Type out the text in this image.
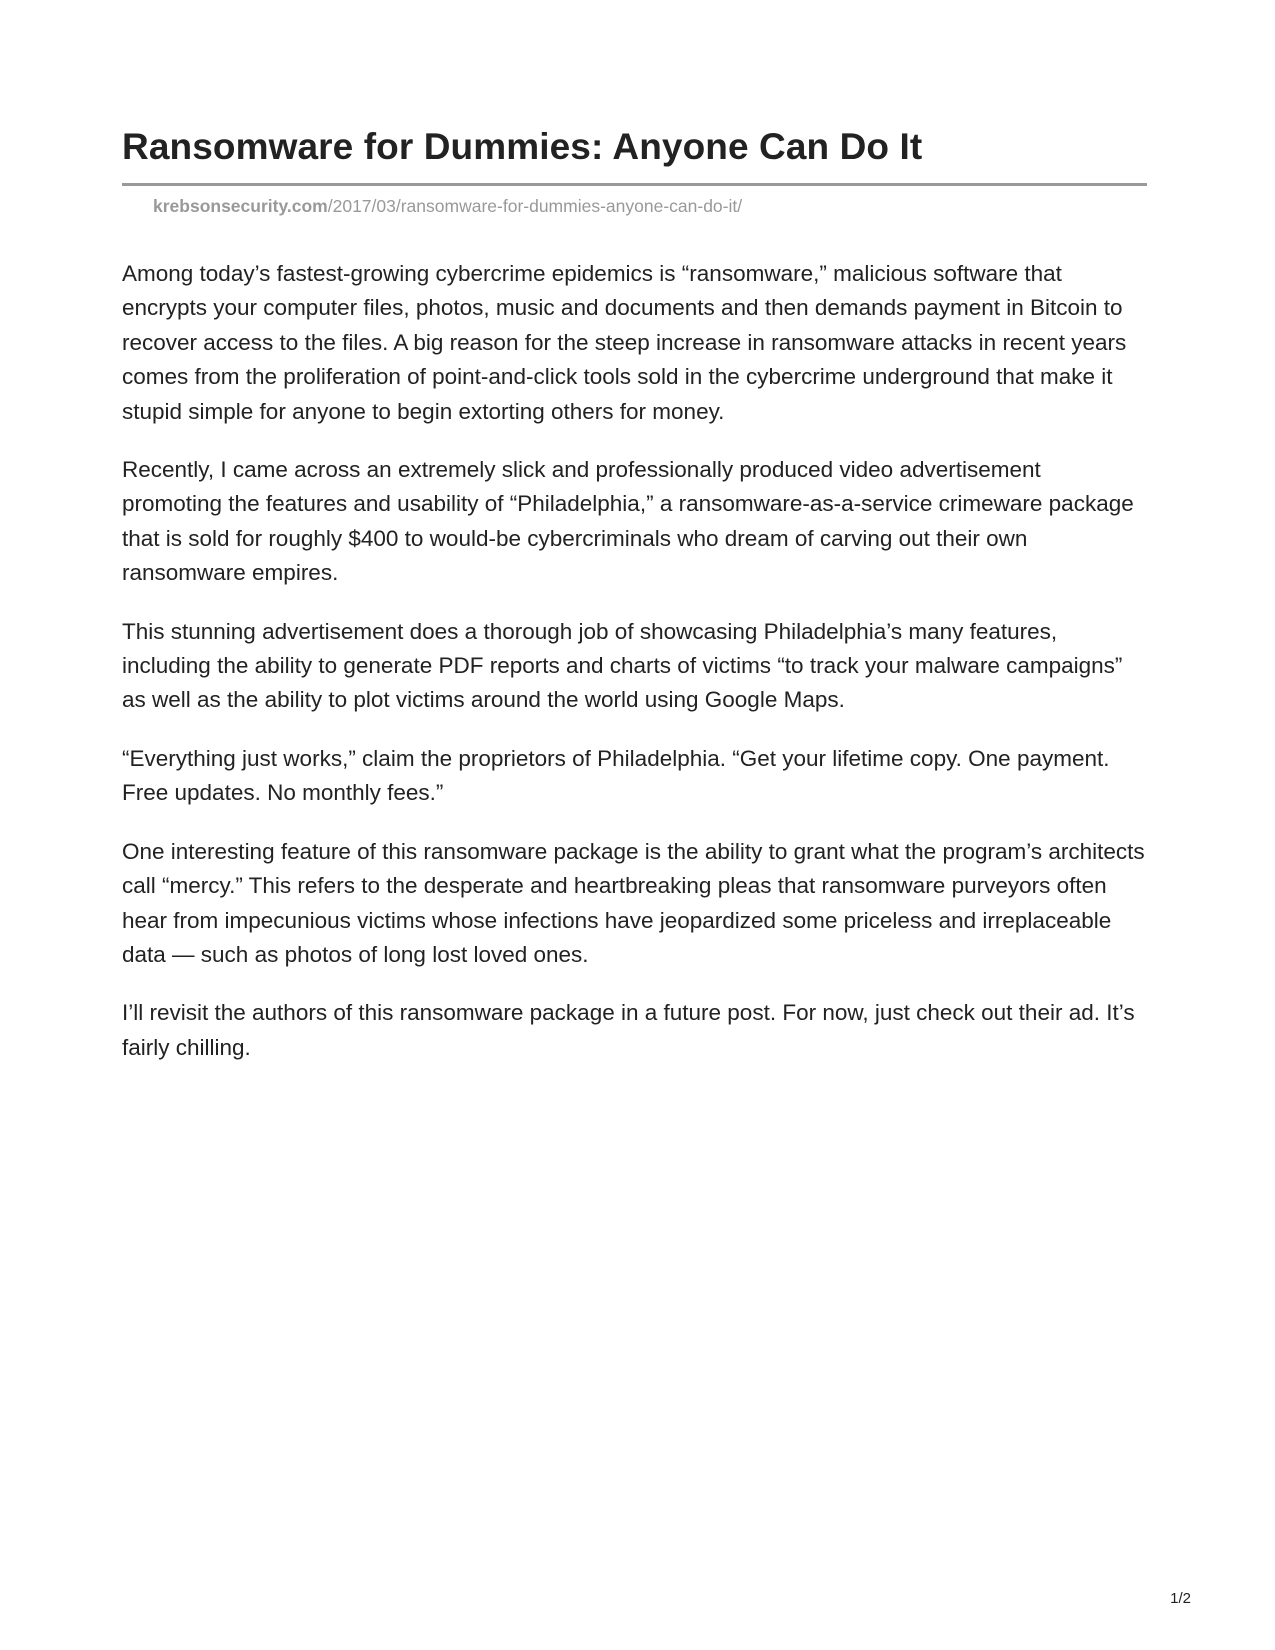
Ransomware for Dummies: Anyone Can Do It
krebsonsecurity.com/2017/03/ransomware-for-dummies-anyone-can-do-it/

Among today’s fastest-growing cybercrime epidemics is “ransomware,” malicious software that encrypts your computer files, photos, music and documents and then demands payment in Bitcoin to recover access to the files. A big reason for the steep increase in ransomware attacks in recent years comes from the proliferation of point-and-click tools sold in the cybercrime underground that make it stupid simple for anyone to begin extorting others for money.

Recently, I came across an extremely slick and professionally produced video advertisement promoting the features and usability of “Philadelphia,” a ransomware-as-a-service crimeware package that is sold for roughly $400 to would-be cybercriminals who dream of carving out their own ransomware empires.

This stunning advertisement does a thorough job of showcasing Philadelphia’s many features, including the ability to generate PDF reports and charts of victims “to track your malware campaigns” as well as the ability to plot victims around the world using Google Maps.

“Everything just works,” claim the proprietors of Philadelphia. “Get your lifetime copy. One payment. Free updates. No monthly fees.”

One interesting feature of this ransomware package is the ability to grant what the program’s architects call “mercy.” This refers to the desperate and heartbreaking pleas that ransomware purveyors often hear from impecunious victims whose infections have jeopardized some priceless and irreplaceable data — such as photos of long lost loved ones.

I’ll revisit the authors of this ransomware package in a future post. For now, just check out their ad. It’s fairly chilling.

1/2
